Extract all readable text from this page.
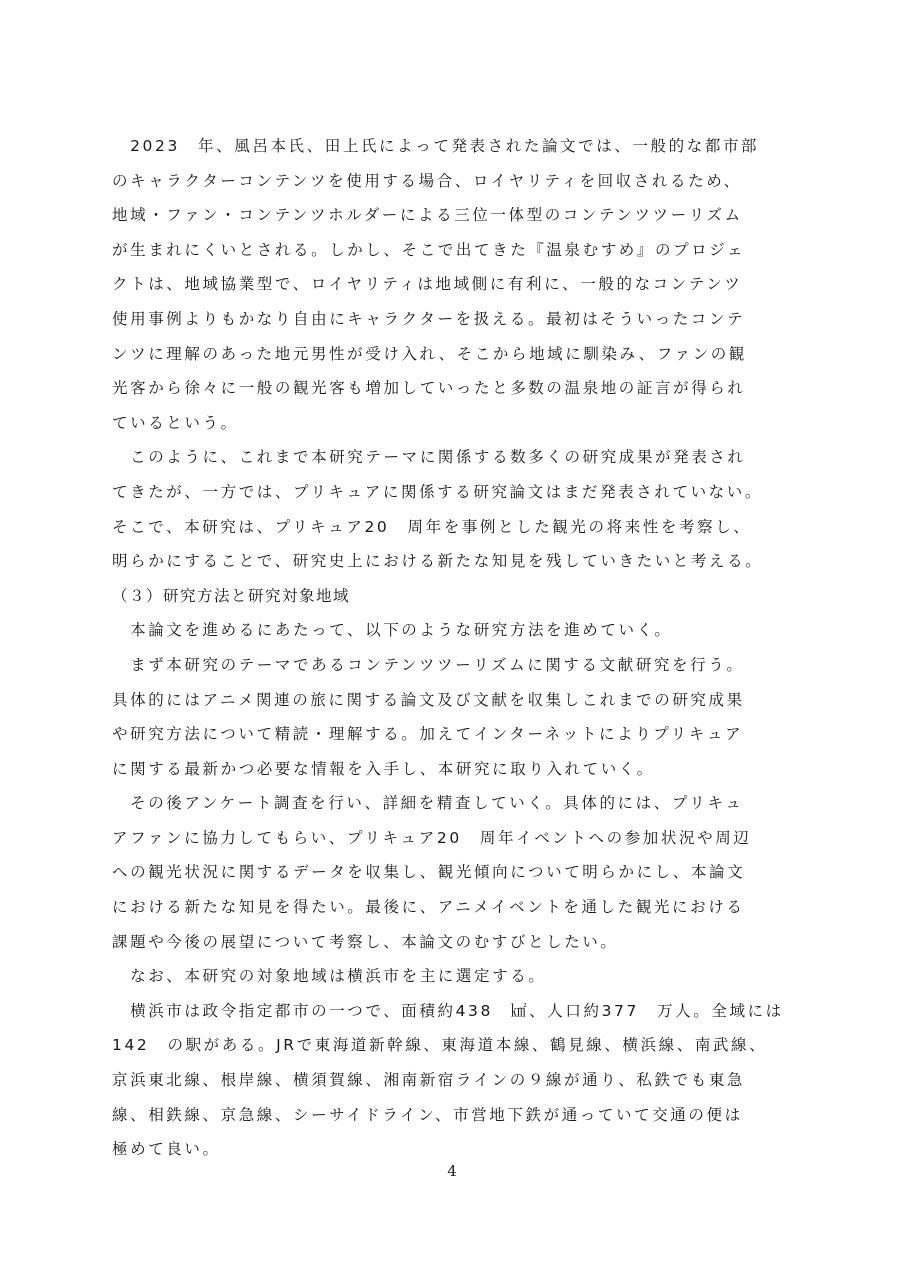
　2023　年、風呂本氏、田上氏によって発表された論文では、一般的な都市部
のキャラクターコンテンツを使用する場合、ロイヤリティを回収されるため、
地域・ファン・コンテンツホルダーによる三位一体型のコンテンツツーリズム
が生まれにくいとされる。しかし、そこで出てきた『温泉むすめ』のプロジェ
クトは、地域協業型で、ロイヤリティは地域側に有利に、一般的なコンテンツ
使用事例よりもかなり自由にキャラクターを扱える。最初はそういったコンテ
ンツに理解のあった地元男性が受け入れ、そこから地域に馴染み、ファンの観
光客から徐々に一般の観光客も増加していったと多数の温泉地の証言が得られ
ているという。
　このように、これまで本研究テーマに関係する数多くの研究成果が発表され
てきたが、一方では、プリキュアに関係する研究論文はまだ発表されていない。
そこで、本研究は、プリキュア20　周年を事例とした観光の将来性を考察し、
明らかにすることで、研究史上における新たな知見を残していきたいと考える。
（３）研究方法と研究対象地域
　本論文を進めるにあたって、以下のような研究方法を進めていく。
　まず本研究のテーマであるコンテンツツーリズムに関する文献研究を行う。
具体的にはアニメ関連の旅に関する論文及び文献を収集しこれまでの研究成果
や研究方法について精読・理解する。加えてインターネットによりプリキュア
に関する最新かつ必要な情報を入手し、本研究に取り入れていく。
　その後アンケート調査を行い、詳細を精査していく。具体的には、プリキュ
アファンに協力してもらい、プリキュア20　周年イベントへの参加状況や周辺
への観光状況に関するデータを収集し、観光傾向について明らかにし、本論文
における新たな知見を得たい。最後に、アニメイベントを通した観光における
課題や今後の展望について考察し、本論文のむすびとしたい。
　なお、本研究の対象地域は横浜市を主に選定する。
　横浜市は政令指定都市の一つで、面積約438　㎢、人口約377　万人。全域には
142　の駅がある。JRで東海道新幹線、東海道本線、鶴見線、横浜線、南武線、
京浜東北線、根岸線、横須賀線、湘南新宿ラインの９線が通り、私鉄でも東急
線、相鉄線、京急線、シーサイドライン、市営地下鉄が通っていて交通の便は
極めて良い。
4
